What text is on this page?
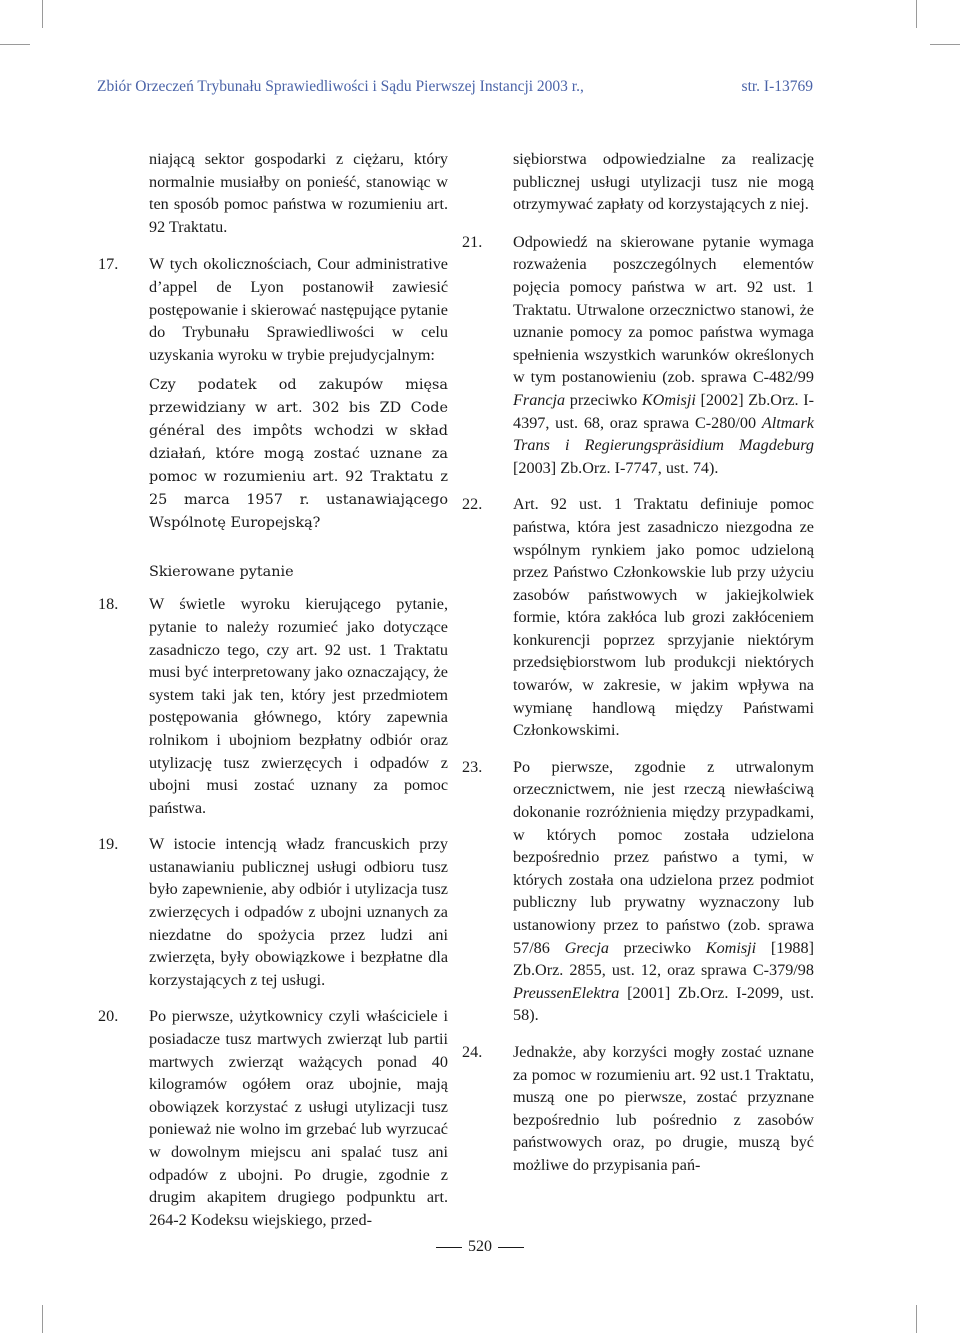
Zbiór Orzeczeń Trybunału Sprawiedliwości i Sądu Pierwszej Instancji 2003 r.,	str. I-13769
niającą sektor gospodarki z ciężaru, który normalnie musiałby on ponieść, stanowiąc w ten sposób pomoc państwa w rozumieniu art. 92 Traktatu.
17. W tych okolicznościach, Cour administrative d’appel de Lyon postanowił zawiesić postępowanie i skierować następujące pytanie do Trybunału Sprawiedliwości w celu uzyskania wyroku w trybie prejudycjalnym:
Czy podatek od zakupów mięsa przewidziany w art. 302 bis ZD Code général des impôts wchodzi w skład działań, które mogą zostać uznane za pomoc w rozumieniu art. 92 Traktatu z 25 marca 1957 r. ustanawiającego Wspólnotę Europejską?
Skierowane pytanie
18. W świetle wyroku kierującego pytanie, pytanie to należy rozumieć jako dotyczące zasadniczo tego, czy art. 92 ust. 1 Traktatu musi być interpretowany jako oznaczający, że system taki jak ten, który jest przedmiotem postępowania głównego, który zapewnia rolnikom i ubojniom bezpłatny odbiór oraz utylizację tusz zwierzęcych i odpadów z ubojni musi zostać uznany za pomoc państwa.
19. W istocie intencją władz francuskich przy ustanawianiu publicznej usługi odbioru tusz było zapewnienie, aby odbiór i utylizacja tusz zwierzęcych i odpadów z ubojni uznanych za niezdatne do spożycia przez ludzi ani zwierzęta, były obowiązkowe i bezpłatne dla korzystających z tej usługi.
20. Po pierwsze, użytkownicy czyli właściciele i posiadacze tusz martwych zwierząt lub partii martwych zwierząt ważących ponad 40 kilogramów ogółem oraz ubojnie, mają obowiązek korzystać z usługi utylizacji tusz ponieważ nie wolno im grzebać lub wyrzucać w dowolnym miejscu ani spalać tusz ani odpadów z ubojni. Po drugie, zgodnie z drugim akapitem drugiego podpunktu art. 264-2 Kodeksu wiejskiego, przed-
siębiorstwa odpowiedzialne za realizację publicznej usługi utylizacji tusz nie mogą otrzymywać zapłaty od korzystających z niej.
21. Odpowiedź na skierowane pytanie wymaga rozważenia poszczególnych elementów pojęcia pomocy państwa w art. 92 ust. 1 Traktatu. Utrwalone orzecznictwo stanowi, że uznanie pomocy za pomoc państwa wymaga spełnienia wszystkich warunków określonych w tym postanowieniu (zob. sprawa C-482/99 Francja przeciwko KOmisji [2002] Zb.Orz. I-4397, ust. 68, oraz sprawa C-280/00 Altmark Trans i Regierungspräsidium Magdeburg [2003] Zb.Orz. I-7747, ust. 74).
22. Art. 92 ust. 1 Traktatu definiuje pomoc państwa, która jest zasadniczo niezgodna ze wspólnym rynkiem jako pomoc udzieloną przez Państwo Członkowskie lub przy użyciu zasobów państwowych w jakiejkolwiek formie, która zakłóca lub grozi zakłóceniem konkurencji poprzez sprzyjanie niektórym przedsiębiorstwom lub produkcji niektórych towarów, w zakresie, w jakim wpływa na wymianę handlową między Państwami Członkowskimi.
23. Po pierwsze, zgodnie z utrwalonym orzecznictwem, nie jest rzeczą niewłaściwą dokonanie rozróżnienia między przypadkami, w których pomoc została udzielona bezpośrednio przez państwo a tymi, w których została ona udzielona przez podmiot publiczny lub prywatny wyznaczony lub ustanowiony przez to państwo (zob. sprawa 57/86 Grecja przeciwko Komisji [1988] Zb.Orz. 2855, ust. 12, oraz sprawa C-379/98 PreussenElektra [2001] Zb.Orz. I-2099, ust. 58).
24. Jednakże, aby korzyści mogły zostać uznane za pomoc w rozumieniu art. 92 ust.1 Traktatu, muszą one po pierwsze, zostać przyznane bezpośrednio lub pośrednio z zasobów państwowych oraz, po drugie, muszą być możliwe do przypisania pań-
520
